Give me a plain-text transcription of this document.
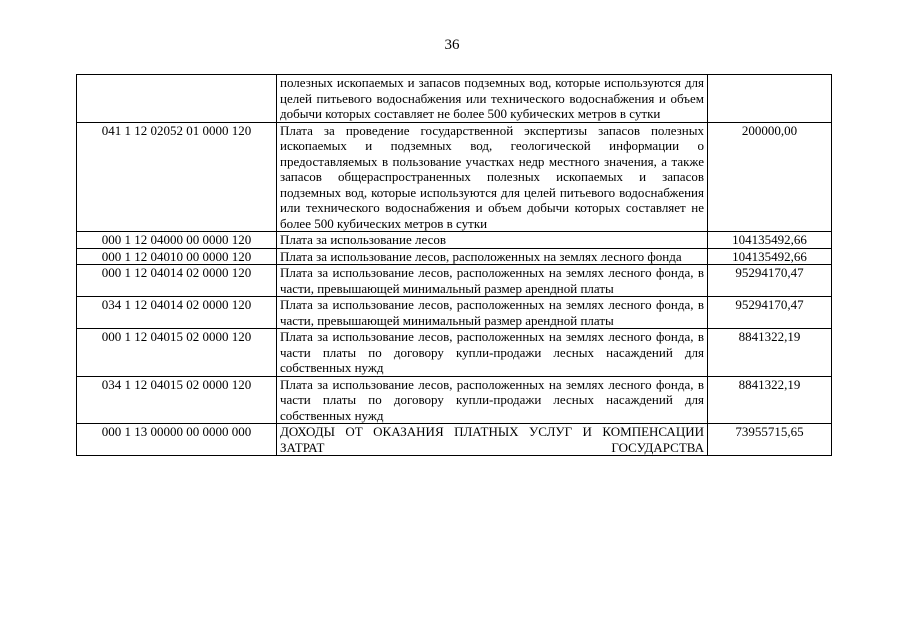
36
	полезных ископаемых и запасов подземных вод, которые используются для целей питьевого водоснабжения или технического водоснабжения и объем добычи которых составляет не более 500 кубических метров в сутки	
041 1 12 02052 01 0000 120	Плата за проведение государственной экспертизы запасов полезных ископаемых и подземных вод, геологической информации о предоставляемых в пользование участках недр местного значения, а также запасов общераспространенных полезных ископаемых и запасов подземных вод, которые используются для целей питьевого водоснабжения или технического водоснабжения и объем добычи которых составляет не более 500 кубических метров в сутки	200000,00
000 1 12 04000 00 0000 120	Плата за использование лесов	104135492,66
000 1 12 04010 00 0000 120	Плата за использование лесов, расположенных на землях лесного фонда	104135492,66
000 1 12 04014 02 0000 120	Плата за использование лесов, расположенных на землях лесного фонда, в части, превышающей минимальный размер арендной платы	95294170,47
034 1 12 04014 02 0000 120	Плата за использование лесов, расположенных на землях лесного фонда, в части, превышающей минимальный размер арендной платы	95294170,47
000 1 12 04015 02 0000 120	Плата за использование лесов, расположенных на землях лесного фонда, в части платы по договору купли-продажи лесных насаждений для собственных нужд	8841322,19
034 1 12 04015 02 0000 120	Плата за использование лесов, расположенных на землях лесного фонда, в части платы по договору купли-продажи лесных насаждений для собственных нужд	8841322,19
000 1 13 00000 00 0000 000	ДОХОДЫ ОТ ОКАЗАНИЯ ПЛАТНЫХ УСЛУГ И КОМПЕНСАЦИИ ЗАТРАТ ГОСУДАРСТВА	73955715,65
